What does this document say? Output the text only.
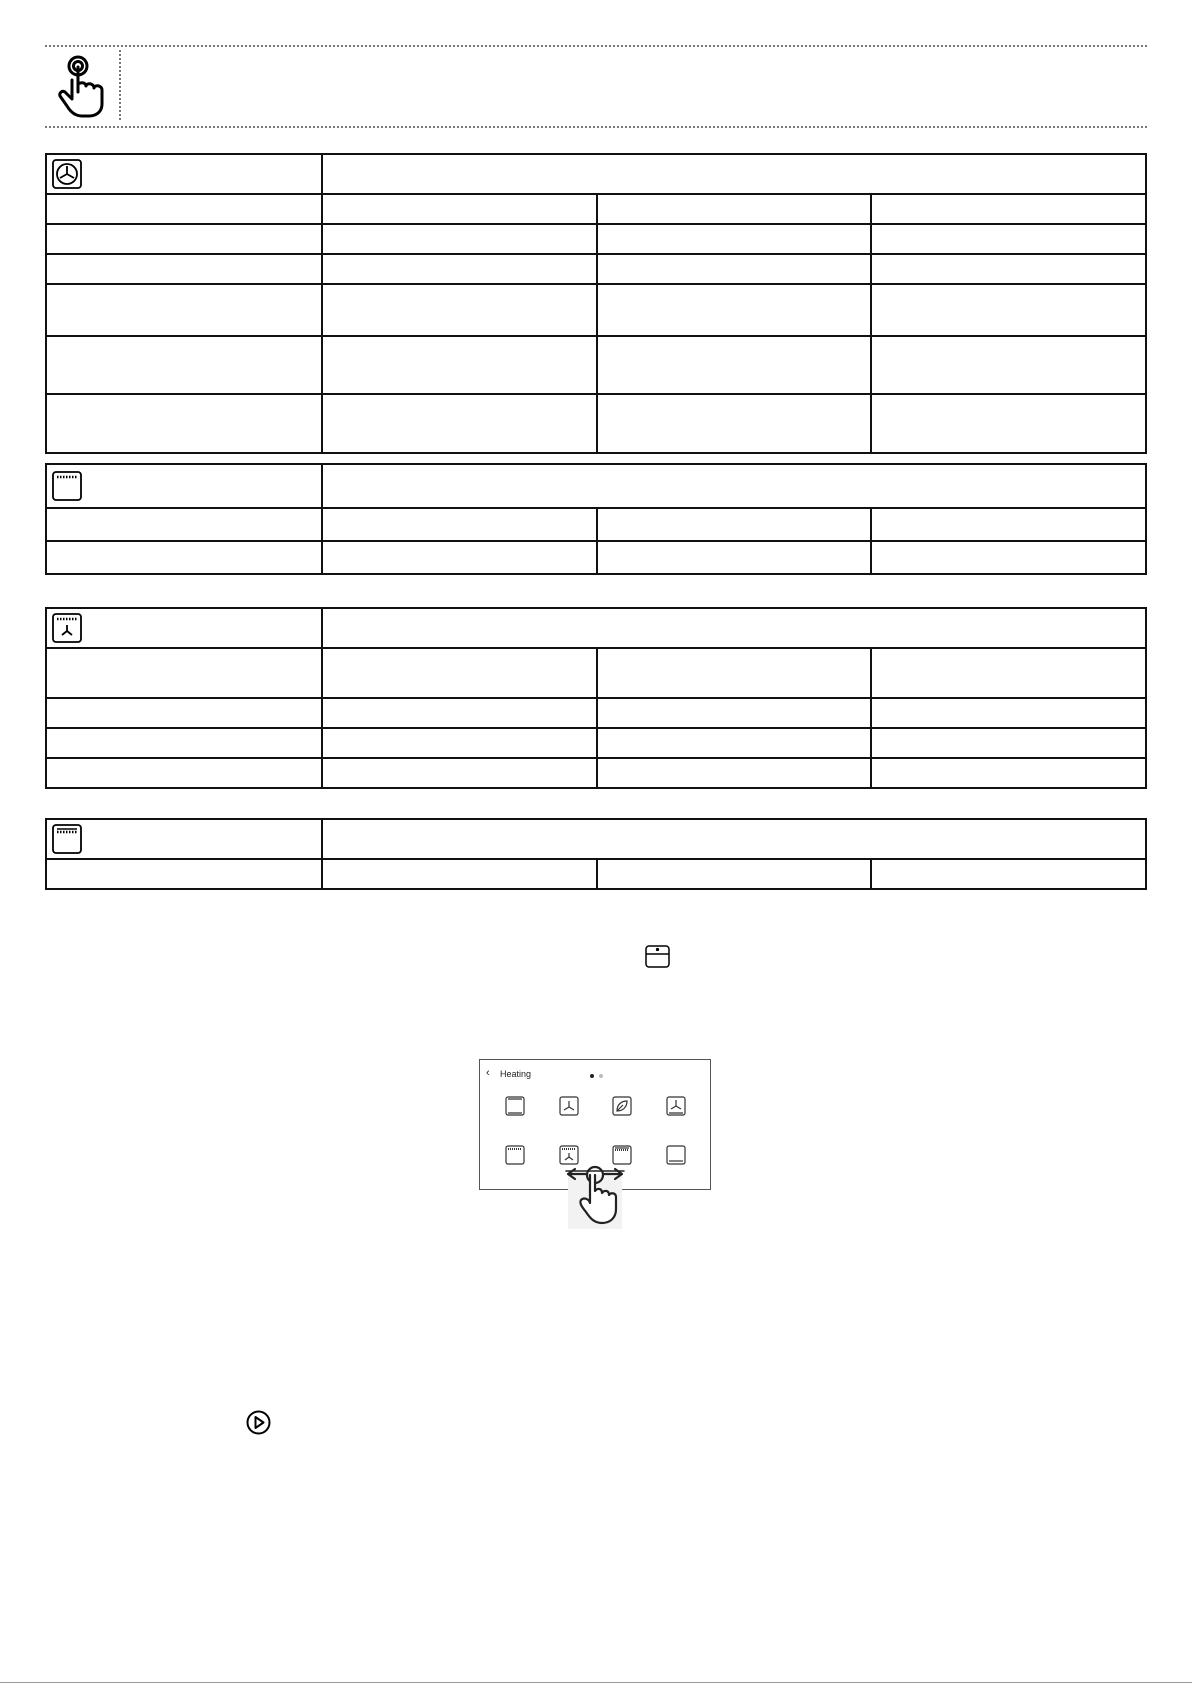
‹ Heating
